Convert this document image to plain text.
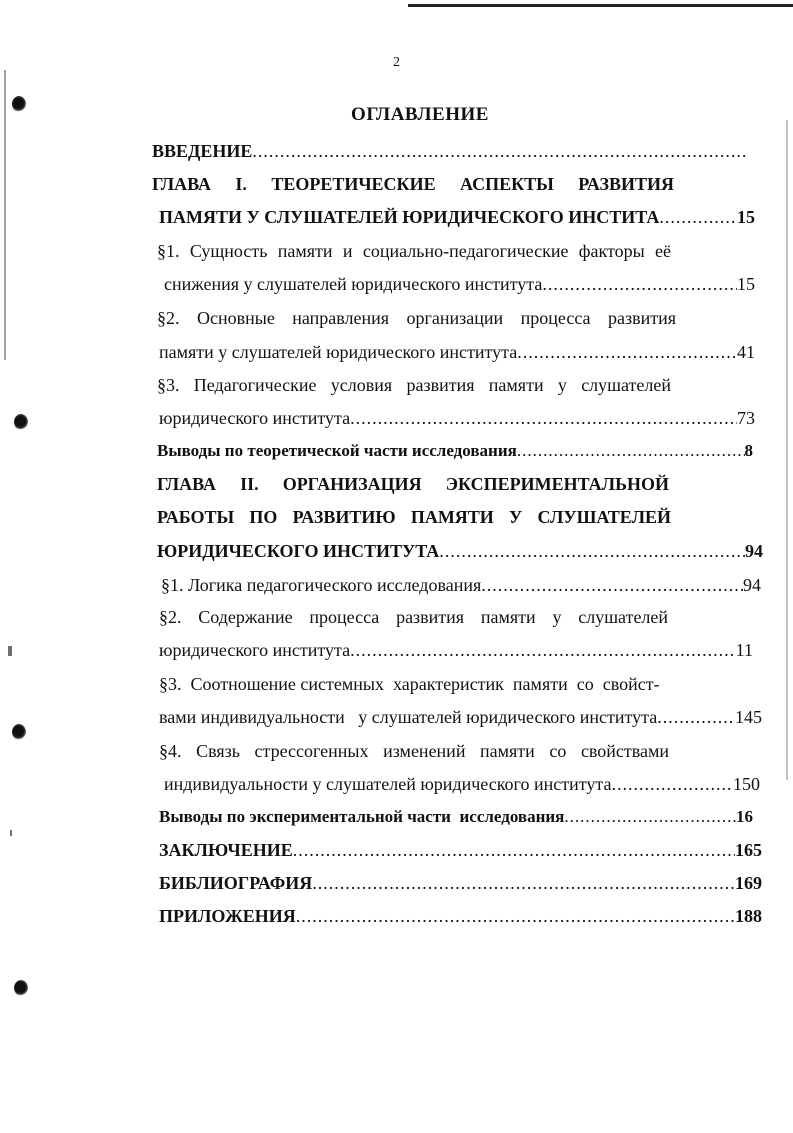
2
ОГЛАВЛЕНИЕ
ВВЕДЕНИЕ
.....
ГЛАВА I. ТЕОРЕТИЧЕСКИЕ АСПЕКТЫ РАЗВИТИЯ
ПАМЯТИ У СЛУШАТЕЛЕЙ ЮРИДИЧЕСКОГО ИНСТИТА .....	15
§1. Сущность памяти и социально-педагогические факторы её
снижения у слушателей юридического института .....	15
§2. Основные направления организации процесса развития
памяти у слушателей юридического института .....	41
§3. Педагогические условия развития памяти у слушателей
юридического института .....	73
Выводы по теоретической части исследования .....	8
ГЛАВА II. ОРГАНИЗАЦИЯ ЭКСПЕРИМЕНТАЛЬНОЙ
РАБОТЫ ПО РАЗВИТИЮ ПАМЯТИ У СЛУШАТЕЛЕЙ
ЮРИДИЧЕСКОГО ИНСТИТУТА .....	94
§1. Логика педагогического исследования .....	94
§2. Содержание процесса развития памяти у слушателей
юридического института .....	11
§3.  Соотношение системных  характеристик  памяти  со  свойст-
вами индивидуальности   у слушателей юридического института .....	145
§4. Связь стрессогенных изменений памяти со свойствами
индивидуальности у слушателей юридического института .....	150
Выводы по экспериментальной части  исследования .....	16
ЗАКЛЮЧЕНИЕ .....	165
БИБЛИОГРАФИЯ .....	169
ПРИЛОЖЕНИЯ .....	188
